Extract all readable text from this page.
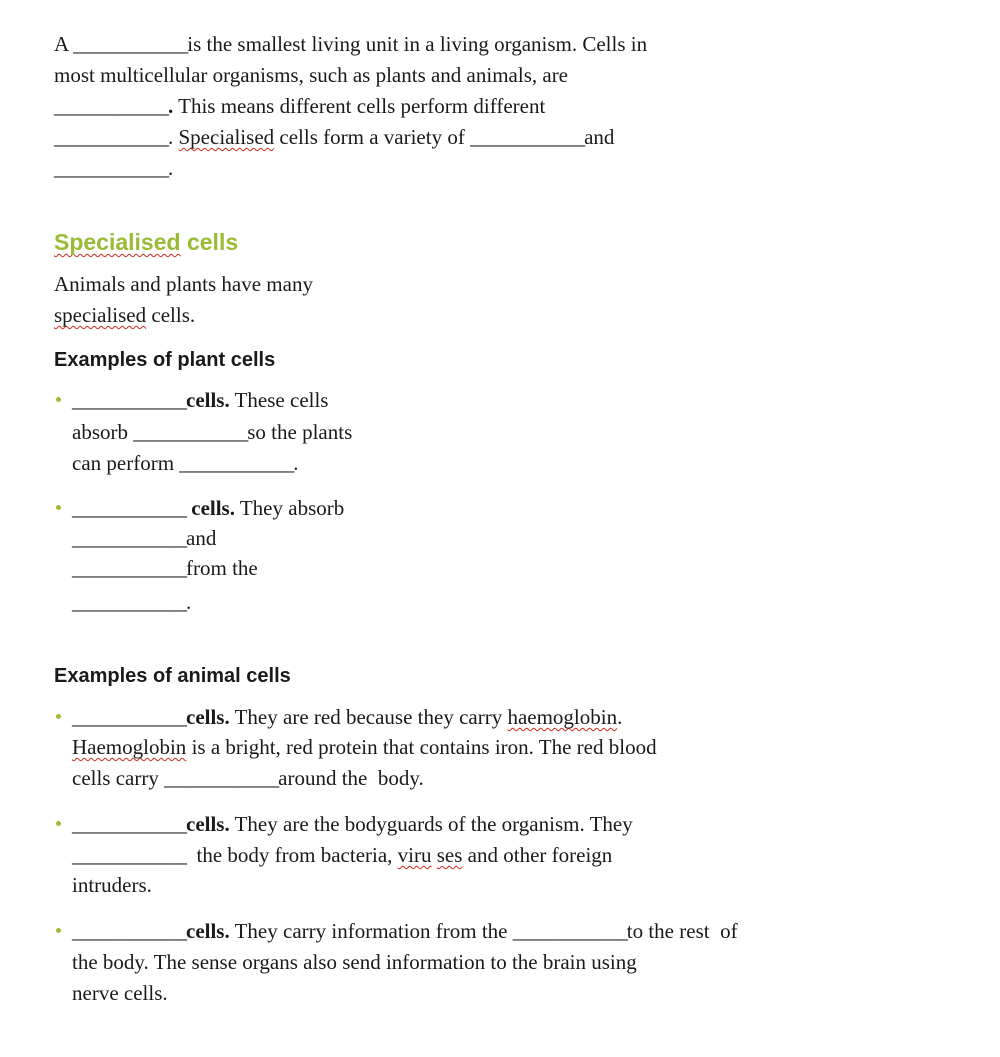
A ____________is the smallest living unit in a living organism. Cells in
most multicellular organisms, such as plants and animals, are
____________. This means different cells perform different
____________. Specialised cells form a variety of ____________and
____________.
Specialised cells
Animals and plants have many
specialised cells.
Examples of plant cells
____________cells. These cells
absorb ____________so the plants
can perform ____________.
____________ cells. They absorb
____________and
____________from the
____________.
Examples of animal cells
____________cells. They are red because they carry haemoglobin.
Haemoglobin is a bright, red protein that contains iron. The red blood
cells carry ____________around the  body.
____________cells. They are the bodyguards of the organism. They
____________  the body from bacteria, viru ses and other foreign
intruders.
____________cells. They carry information from the ____________to the rest  of
the body. The sense organs also send information to the brain using
nerve cells.
